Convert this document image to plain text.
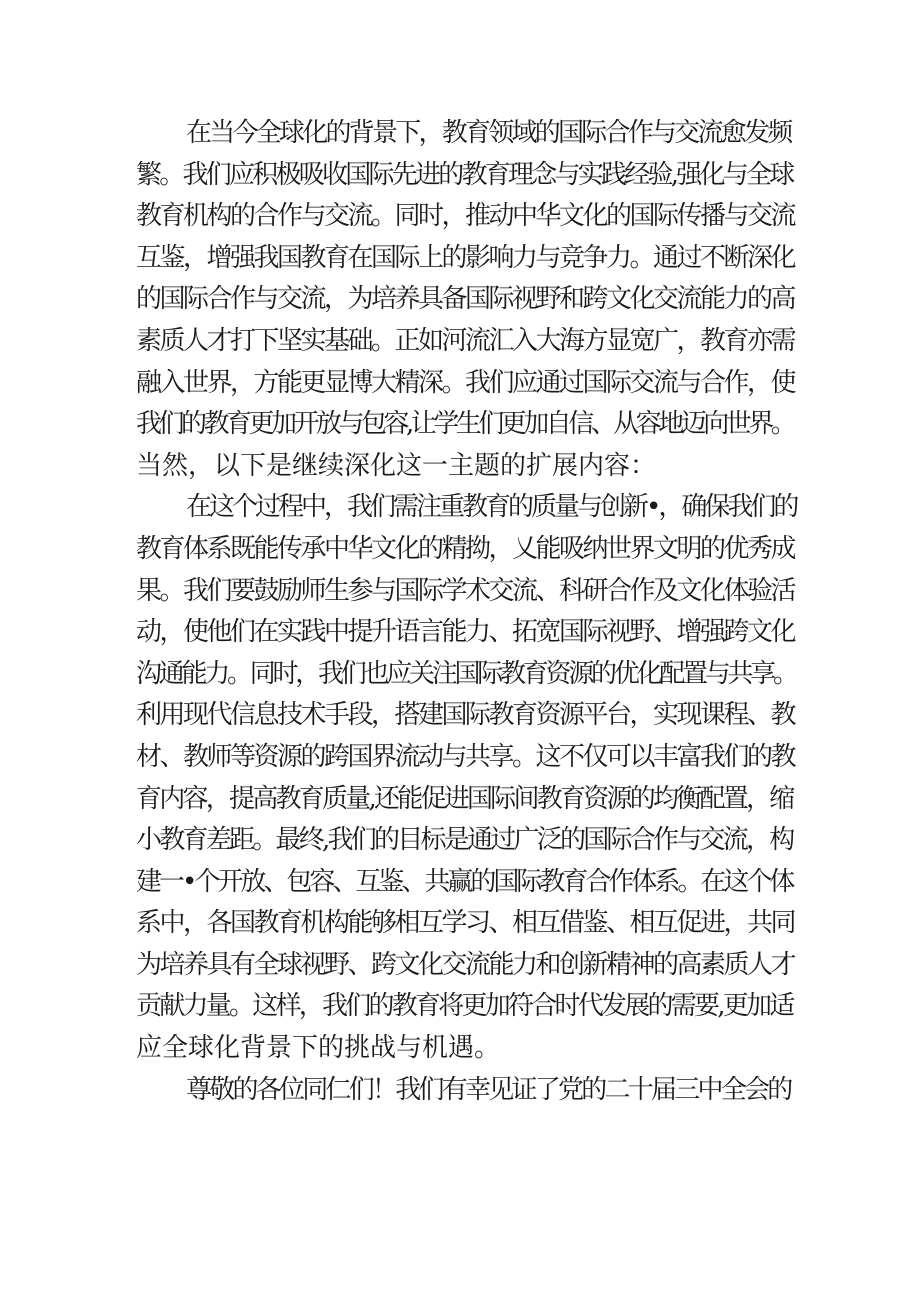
在当今全球化的背景下，教育领域的国际合作与交流愈发频
繁。我们应积极吸收国际先进的教育理念与实践经验,强化与全球
教育机构的合作与交流。同时，推动中华文化的国际传播与交流
互鉴，增强我国教育在国际上的影响力与竞争力。通过不断深化
的国际合作与交流，为培养具备国际视野和跨文化交流能力的高
素质人才打下坚实基础。正如河流汇入大海方显宽广，教育亦需
融入世界，方能更显博大精深。我们应通过国际交流与合作，使
我们的教育更加开放与包容,让学生们更加自信、从容地迈向世界。
当然，以下是继续深化这一主题的扩展内容：
在这个过程中，我们需注重教育的质量与创新•，确保我们的
教育体系既能传承中华文化的精拗，乂能吸纳世界文明的优秀成
果。我们要鼓励师生参与国际学术交流、科研合作及文化体验活
动，使他们在实践中提升语言能力、拓宽国际视野、增强跨文化
沟通能力。同时，我们也应关注国际教育资源的优化配置与共享。
利用现代信息技术手段，搭建国际教育资源平台，实现课程、教
材、教师等资源的跨国界流动与共享。这不仅可以丰富我们的教
育内容，提高教育质量,还能促进国际间教育资源的均衡配置，缩
小教育差距。最终,我们的目标是通过广泛的国际合作与交流，构
建一•个开放、包容、互鉴、共赢的国际教育合作体系。在这个体
系中，各国教育机构能够相互学习、相互借鉴、相互促进，共同
为培养具有全球视野、跨文化交流能力和创新精神的高素质人才
贡献力量。这样，我们的教育将更加符合时代发展的需要,更加适
应全球化背景下的挑战与机遇。
尊敬的各位同仁们！我们有幸见证了党的二十届三中全会的
